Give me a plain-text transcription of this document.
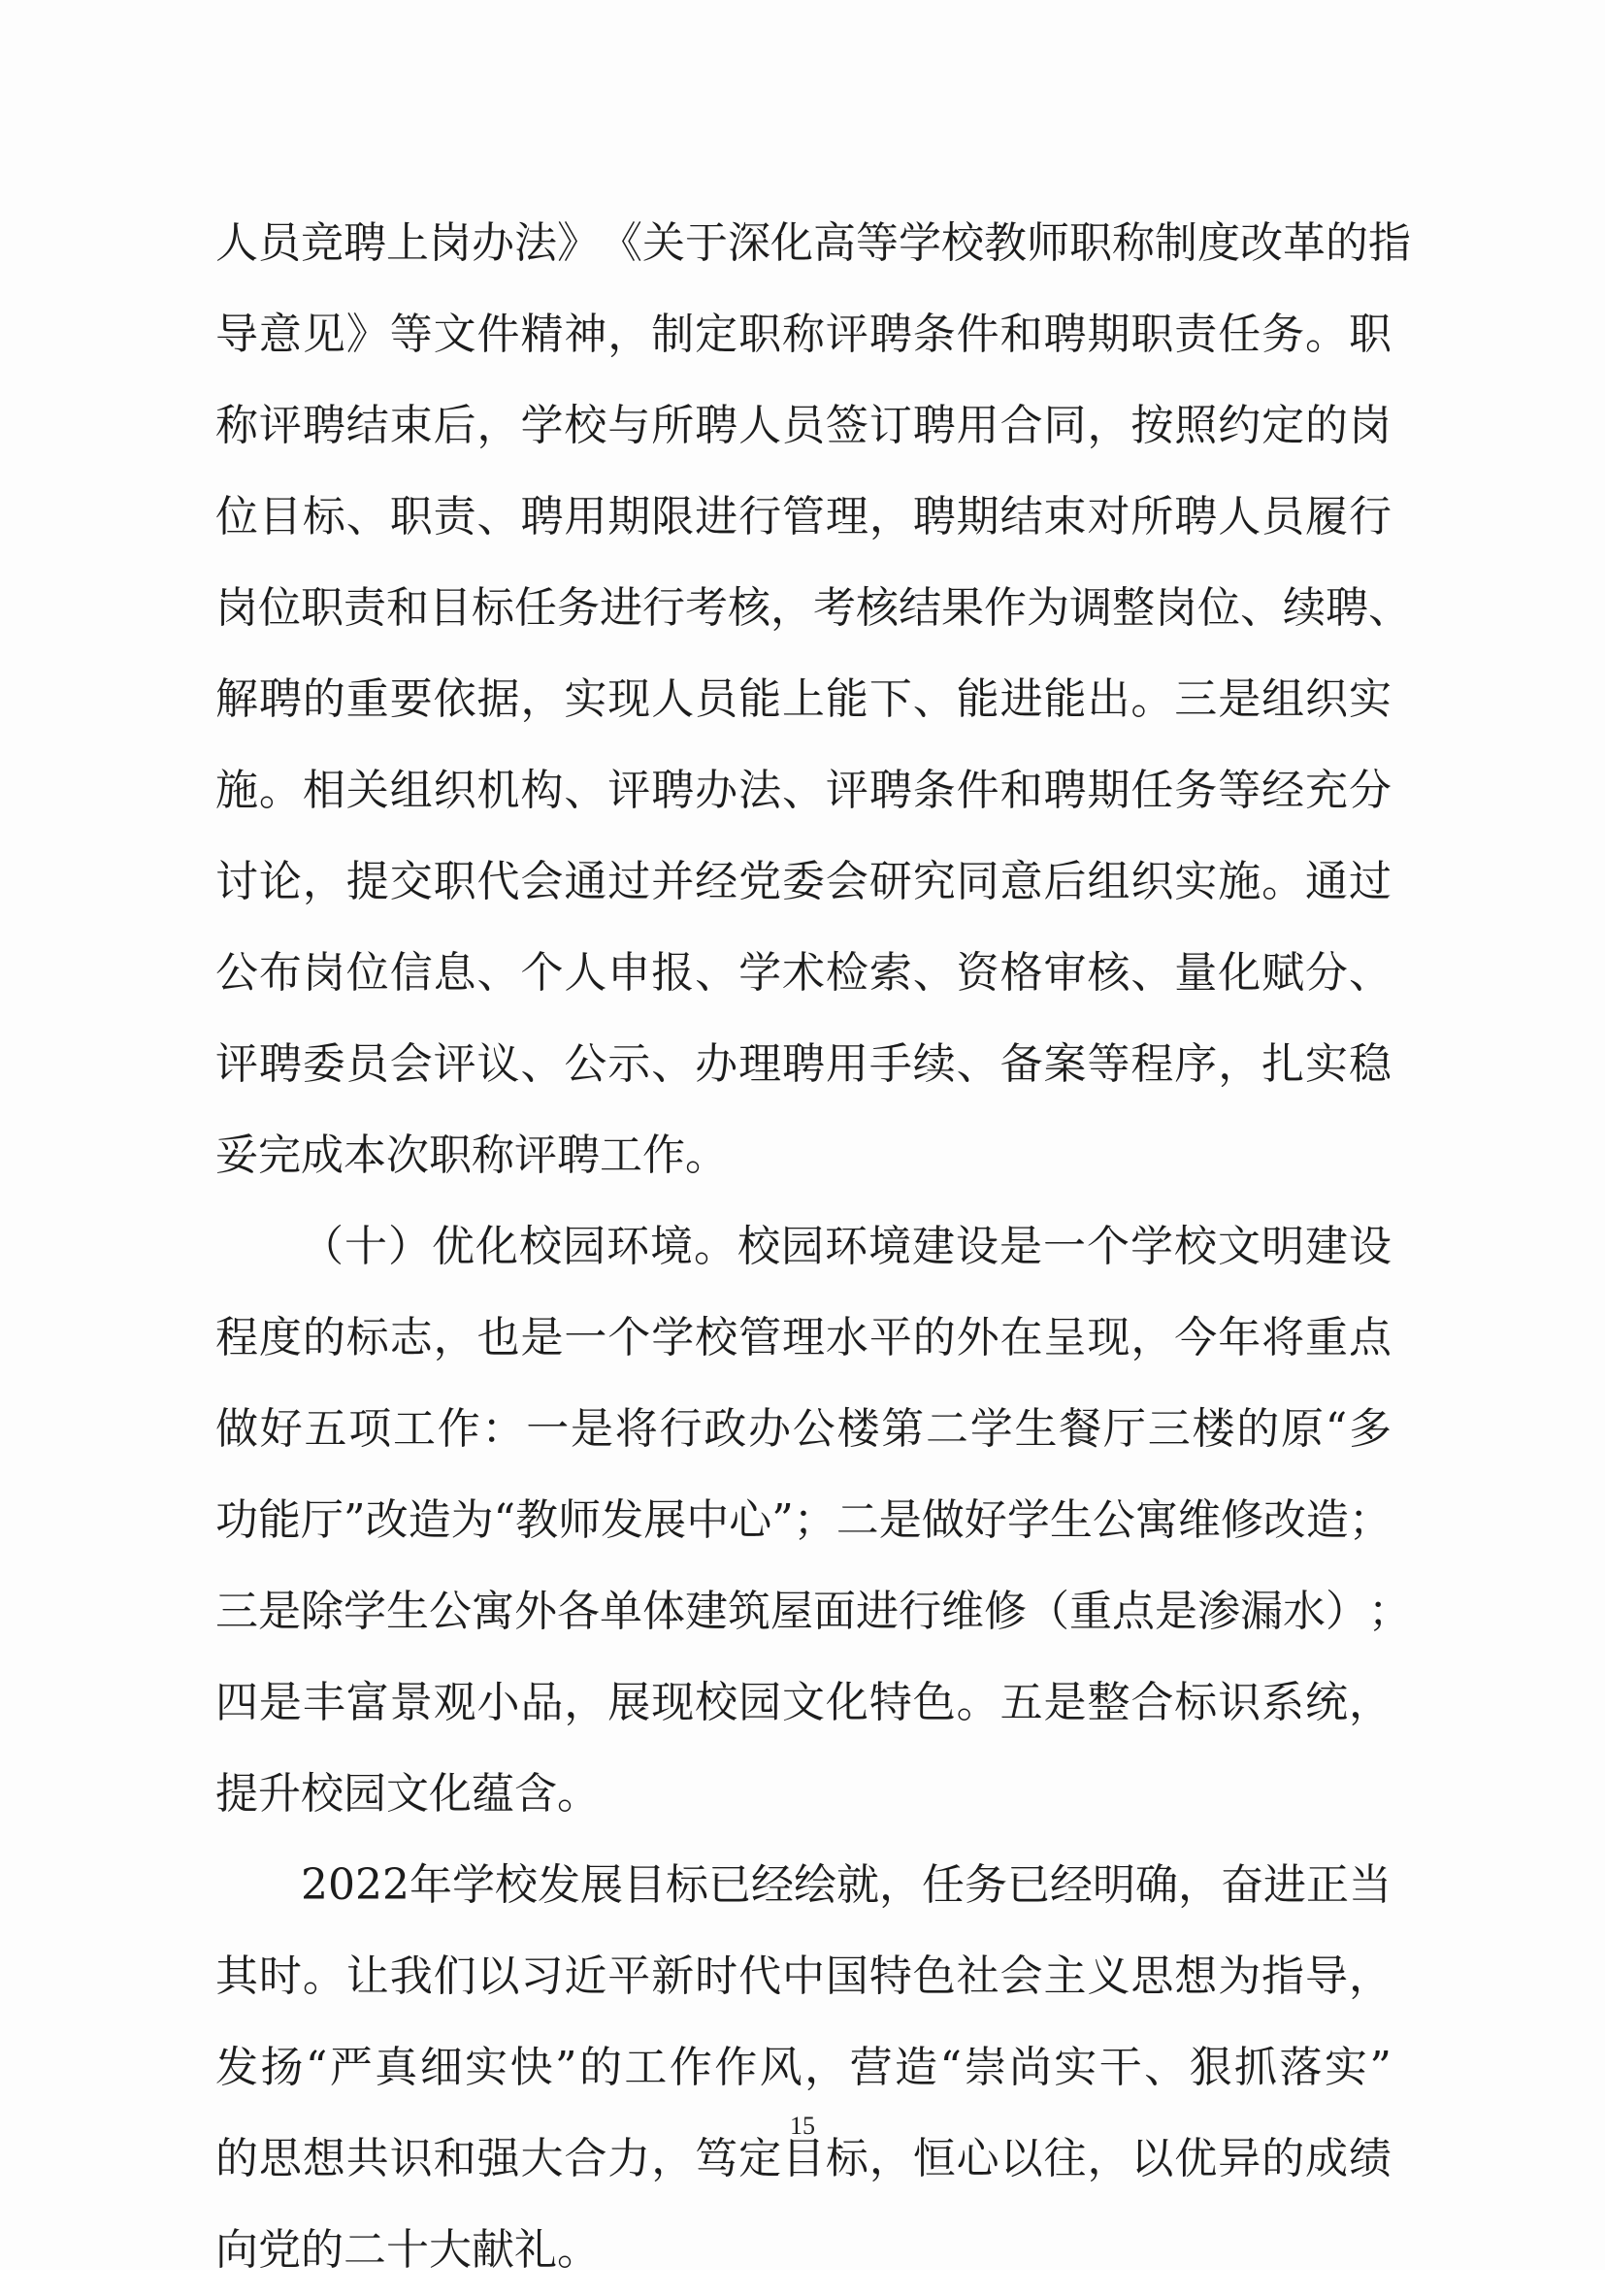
人 员 竞 聘 上 岗 办 法 》 《 关 于 深 化 高 等 学 校 教 师 职 称 制 度 改 革 的 指
导 意 见 》 等 文 件 精 神 ， 制 定 职 称 评 聘 条 件 和 聘 期 职 责 任 务 。 职
称 评 聘 结 束 后 ， 学 校 与 所 聘 人 员 签 订 聘 用 合 同 ， 按 照 约 定 的 岗
位 目 标 、 职 责 、 聘 用 期 限 进 行 管 理 ， 聘 期 结 束 对 所 聘 人 员 履 行
岗 位 职 责 和 目 标 任 务 进 行 考 核 ， 考 核 结 果 作 为 调 整 岗 位 、 续 聘 、
解 聘 的 重 要 依 据 ， 实 现 人 员 能 上 能 下 、 能 进 能 出 。 三 是 组 织 实
施 。 相 关 组 织 机 构 、 评 聘 办 法 、 评 聘 条 件 和 聘 期 任 务 等 经 充 分
讨 论 ， 提 交 职 代 会 通 过 并 经 党 委 会 研 究 同 意 后 组 织 实 施 。 通 过
公 布 岗 位 信 息 、 个 人 申 报 、 学 术 检 索 、 资 格 审 核 、 量 化 赋 分 、
评 聘 委 员 会 评 议 、 公 示 、 办 理 聘 用 手 续 、 备 案 等 程 序 ， 扎 实 稳
妥完成本次职称评聘工作。
（ 十 ） 优 化 校 园 环 境 。 校 园 环 境 建 设 是 一 个 学 校 文 明 建 设
程 度 的 标 志 ， 也 是 一 个 学 校 管 理 水 平 的 外 在 呈 现 ， 今 年 将 重 点
做 好 五 项 工 作 ： 一 是 将 行 政 办 公 楼 第 二 学 生 餐 厅 三 楼 的 原 “ 多
功 能 厅 ” 改 造 为 “ 教 师 发 展 中 心 ” ； 二 是 做 好 学 生 公 寓 维 修 改 造 ；
三 是 除 学 生 公 寓 外 各 单 体 建 筑 屋 面 进 行 维 修 （ 重 点 是 渗 漏 水 ） ；
四 是 丰 富 景 观 小 品 ， 展 现 校 园 文 化 特 色 。 五 是 整 合 标 识 系 统 ，
提升校园文化蕴含。
2022 年 学 校 发 展 目 标 已 经 绘 就 ， 任 务 已 经 明 确 ， 奋 进 正 当
其 时 。 让 我 们 以 习 近 平 新 时 代 中 国 特 色 社 会 主 义 思 想 为 指 导 ，
发 扬 “ 严 真 细 实 快 ” 的 工 作 作 风 ， 营 造 “ 崇 尚 实 干 、 狠 抓 落 实 ”
的 思 想 共 识 和 强 大 合 力 ， 笃 定 目 标 ， 恒 心 以 往 ， 以 优 异 的 成 绩
向党的二十大献礼。
15
